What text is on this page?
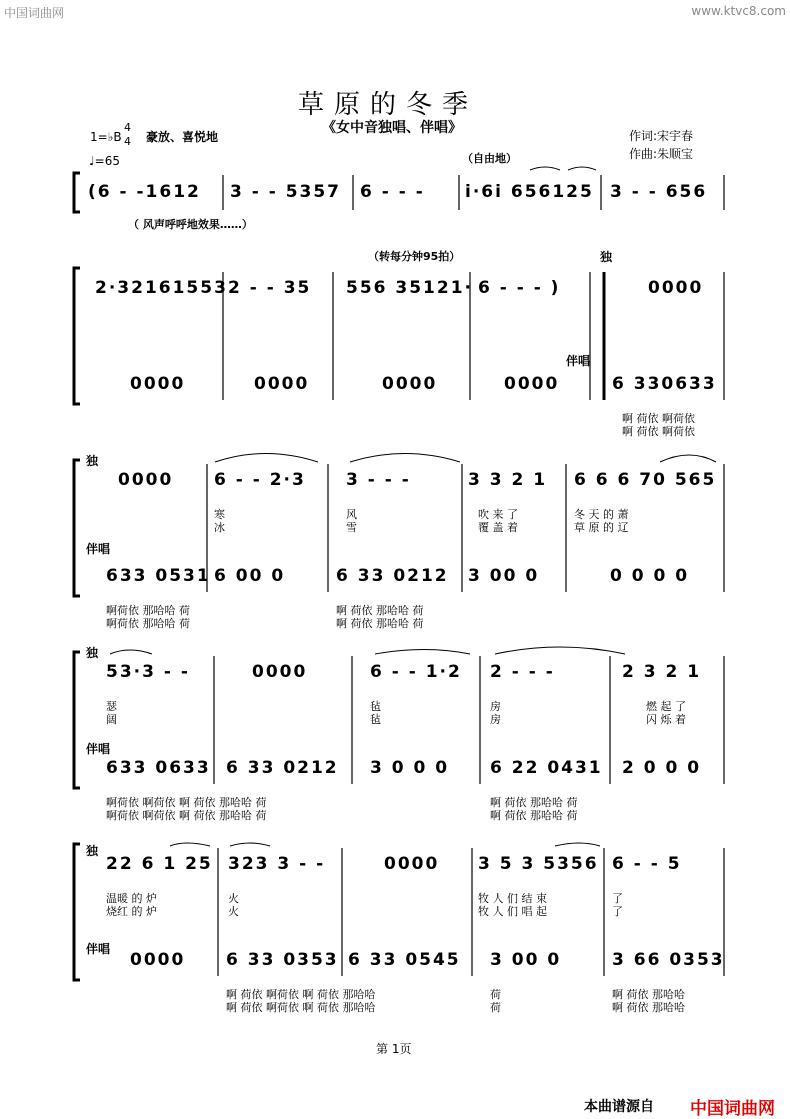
中国词曲网	www.ktvc8.com
草原的冬季
《女中音独唱、伴唱》
1=♭B
4
4 豪放、喜悦地
♩=65
作词:宋宇春
作曲:朱顺宝
（自由地）
(6 - -1612 3 - - 5357 6 - - - i·6i 656125 3 - - 656
（ 风声呼呼地效果……）
（转每分钟95拍）	独
2·32161553 2 - - 35 556 35121· 6 - - - )	0000
伴唱
0000	0000	0000	0000	6 330633
啊 荷依 啊荷依
啊 荷依 啊荷依
独
0000 6 - - 2·3 3 - - -	3 3 2 1 6 6 6 70 565
寒	风	吹 来 了	冬 天 的 萧
冰	雪	覆 盖 着	草 原 的 辽
伴唱
633 0531 6 00 0	6 33 0212 3 00 0	0 0 0 0
啊荷依 那哈哈 荷	啊 荷依 那哈哈 荷
啊荷依 那哈哈 荷	啊 荷依 那哈哈 荷
独
53·3 - -	0000	6 - - 1·2 2 - - -	2 3 2 1
瑟	毡	房	燃 起 了
阔	毡	房	闪 烁 着
伴唱
633 0633 6 33 0212 3 0 0 0 6 22 0431 2 0 0 0
啊荷依 啊荷依 啊 荷依 那哈哈 荷	啊 荷依 那哈哈 荷
啊荷依 啊荷依 啊 荷依 那哈哈 荷	啊 荷依 那哈哈 荷
独
22 6 1 25 323 3 - -	0000 3 5 3 5356 6 - - 5
温暖 的 炉	火	牧 人 们 结 束	了
烧红 的 炉	火	牧 人 们 唱 起	了
伴唱
0000 6 33 0353 6 33 0545 3 00 0	3 66 0353
啊 荷依 啊荷依 啊 荷依 那哈哈	荷	啊 荷依 那哈哈
啊 荷依 啊荷依 啊 荷依 那哈哈	荷	啊 荷依 那哈哈
第 1页
本曲谱源自 中国词曲网
